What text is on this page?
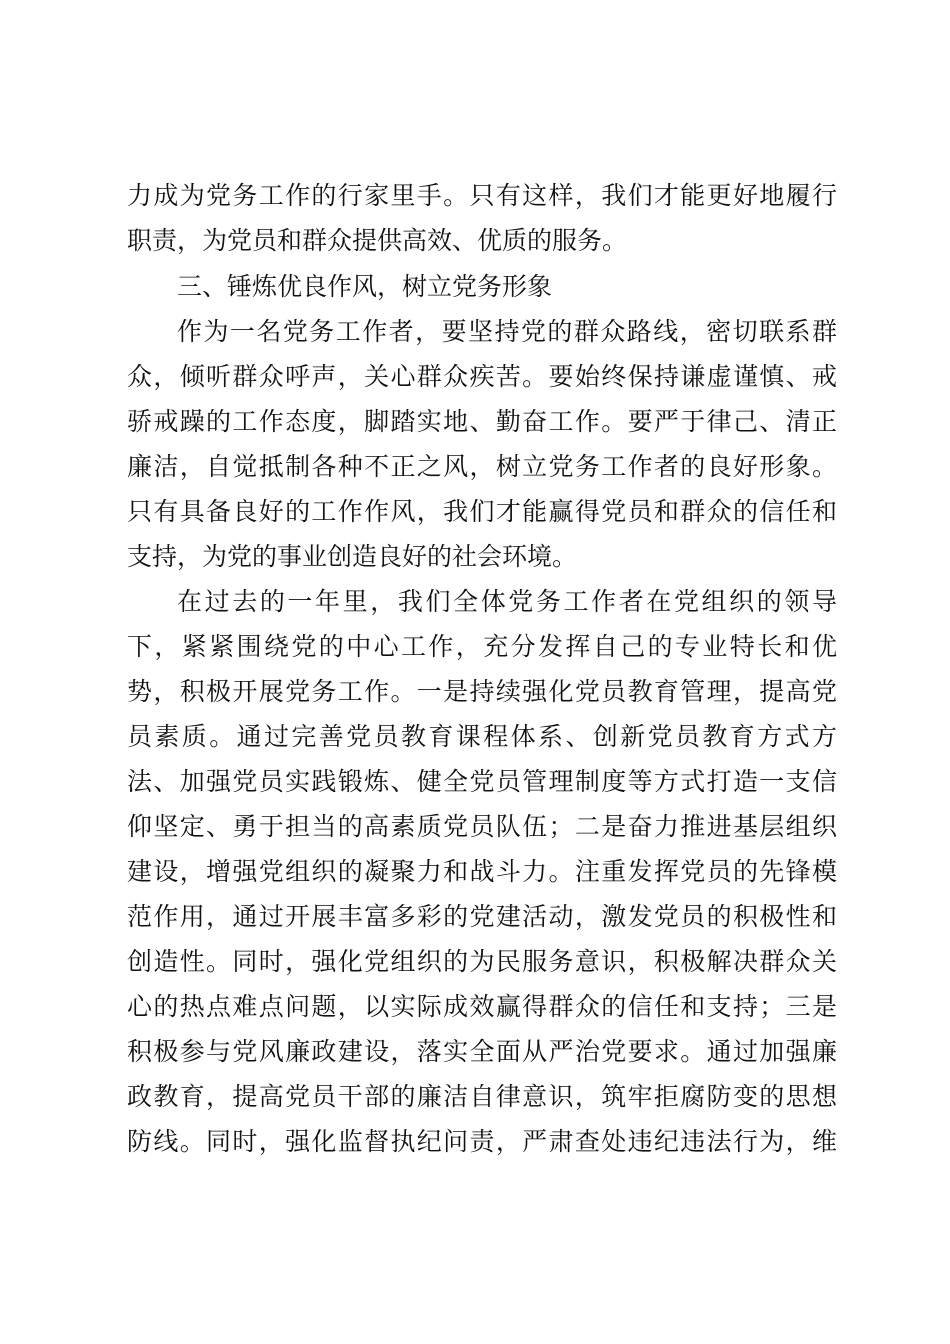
力成为党务工作的行家里手。只有这样，我们才能更好地履行
职责，为党员和群众提供高效、优质的服务。
三、锤炼优良作风，树立党务形象
作为一名党务工作者，要坚持党的群众路线，密切联系群
众，倾听群众呼声，关心群众疾苦。要始终保持谦虚谨慎、戒
骄戒躁的工作态度，脚踏实地、勤奋工作。要严于律己、清正
廉洁，自觉抵制各种不正之风，树立党务工作者的良好形象。
只有具备良好的工作作风，我们才能赢得党员和群众的信任和
支持，为党的事业创造良好的社会环境。
在过去的一年里，我们全体党务工作者在党组织的领导
下，紧紧围绕党的中心工作，充分发挥自己的专业特长和优
势，积极开展党务工作。一是持续强化党员教育管理，提高党
员素质。通过完善党员教育课程体系、创新党员教育方式方
法、加强党员实践锻炼、健全党员管理制度等方式打造一支信
仰坚定、勇于担当的高素质党员队伍；二是奋力推进基层组织
建设，增强党组织的凝聚力和战斗力。注重发挥党员的先锋模
范作用，通过开展丰富多彩的党建活动，激发党员的积极性和
创造性。同时，强化党组织的为民服务意识，积极解决群众关
心的热点难点问题，以实际成效赢得群众的信任和支持；三是
积极参与党风廉政建设，落实全面从严治党要求。通过加强廉
政教育，提高党员干部的廉洁自律意识，筑牢拒腐防变的思想
防线。同时，强化监督执纪问责，严肃查处违纪违法行为，维
